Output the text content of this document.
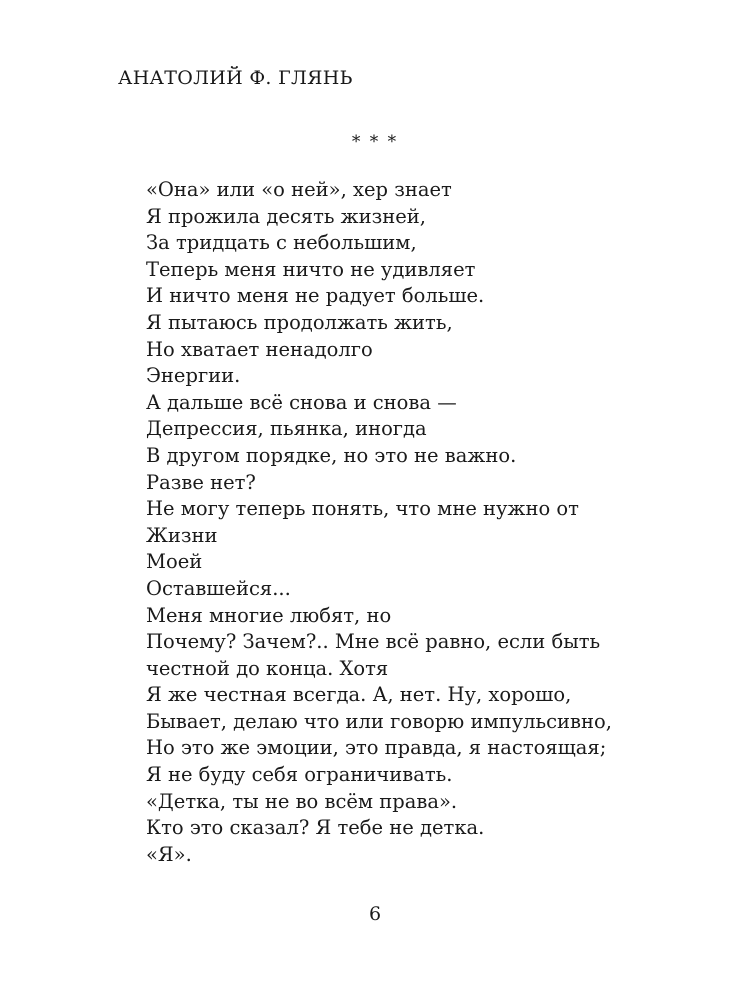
АНАТОЛИЙ Ф. ГЛЯНЬ
* * *
«Она» или «о ней», хер знает
Я прожила десять жизней,
За тридцать с небольшим,
Теперь меня ничто не удивляет
И ничто меня не радует больше.
Я пытаюсь продолжать жить,
Но хватает ненадолго
Энергии.
А дальше всё снова и снова —
Депрессия, пьянка, иногда
В другом порядке, но это не важно.
Разве нет?
Не могу теперь понять, что мне нужно от
Жизни
Моей
Оставшейся...
Меня многие любят, но
Почему? Зачем?.. Мне всё равно, если быть
честной до конца. Хотя
Я же честная всегда. А, нет. Ну, хорошо,
Бывает, делаю что или говорю импульсивно,
Но это же эмоции, это правда, я настоящая;
Я не буду себя ограничивать.
«Детка, ты не во всём права».
Кто это сказал? Я тебе не детка.
«Я».
6
